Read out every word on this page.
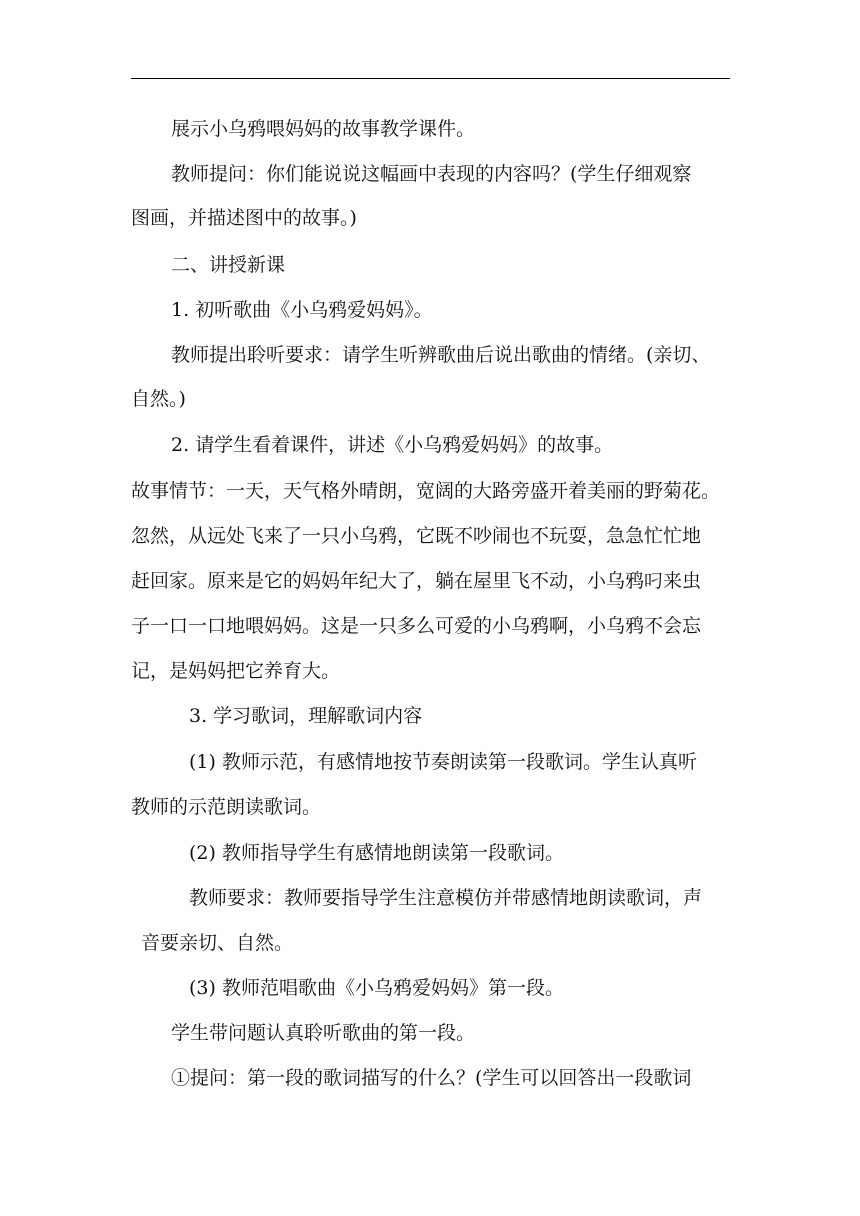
展示小乌鸦喂妈妈的故事教学课件。
教师提问：你们能说说这幅画中表现的内容吗？(学生仔细观察
图画，并描述图中的故事。)
二、讲授新课
1. 初听歌曲《小乌鸦爱妈妈》。
教师提出聆听要求：请学生听辨歌曲后说出歌曲的情绪。(亲切、
自然。)
2. 请学生看着课件，讲述《小乌鸦爱妈妈》的故事。
故事情节：一天，天气格外晴朗，宽阔的大路旁盛开着美丽的野菊花。
忽然，从远处飞来了一只小乌鸦，它既不吵闹也不玩耍，急急忙忙地
赶回家。原来是它的妈妈年纪大了，躺在屋里飞不动，小乌鸦叼来虫
子一口一口地喂妈妈。这是一只多么可爱的小乌鸦啊，小乌鸦不会忘
记，是妈妈把它养育大。
3. 学习歌词，理解歌词内容
(1) 教师示范，有感情地按节奏朗读第一段歌词。学生认真听
教师的示范朗读歌词。
(2) 教师指导学生有感情地朗读第一段歌词。
教师要求：教师要指导学生注意模仿并带感情地朗读歌词，声
音要亲切、自然。
(3) 教师范唱歌曲《小乌鸦爱妈妈》第一段。
学生带问题认真聆听歌曲的第一段。
①提问：第一段的歌词描写的什么？(学生可以回答出一段歌词
